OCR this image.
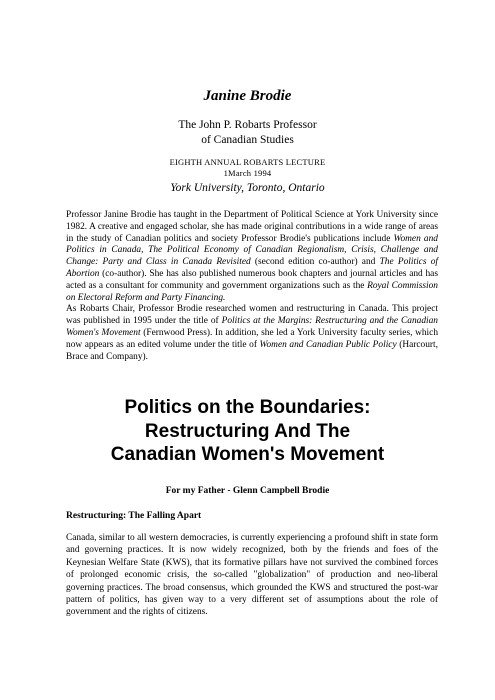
Janine Brodie
The John P. Robarts Professor
of Canadian Studies
EIGHTH ANNUAL ROBARTS LECTURE
1March 1994
York University, Toronto, Ontario

Professor Janine Brodie has taught in the Department of Political Science at York University since 1982. A creative and engaged scholar, she has made original contributions in a wide range of areas in the study of Canadian politics and society Professor Brodie's publications include Women and Politics in Canada, The Political Economy of Canadian Regionalism, Crisis, Challenge and Change: Party and Class in Canada Revisited (second edition co-author) and The Politics of Abortion (co-author). She has also published numerous book chapters and journal articles and has acted as a consultant for community and government organizations such as the Royal Commission on Electoral Reform and Party Financing.

As Robarts Chair, Professor Brodie researched women and restructuring in Canada. This project was published in 1995 under the title of Politics at the Margins: Restructuring and the Canadian Women's Movement (Fernwood Press). In addition, she led a York University faculty series, which now appears as an edited volume under the title of Women and Canadian Public Policy (Harcourt, Brace and Company).

Politics on the Boundaries:
Restructuring And The
Canadian Women's Movement
For my Father - Glenn Campbell Brodie
Restructuring: The Falling Apart

Canada, similar to all western democracies, is currently experiencing a profound shift in state form and governing practices. It is now widely recognized, both by the friends and foes of the Keynesian Welfare State (KWS), that its formative pillars have not survived the combined forces of prolonged economic crisis, the so-called "globalization" of production and neo-liberal governing practices. The broad consensus, which grounded the KWS and structured the post-war pattern of politics, has given way to a very different set of assumptions about the role of government and the rights of citizens.
